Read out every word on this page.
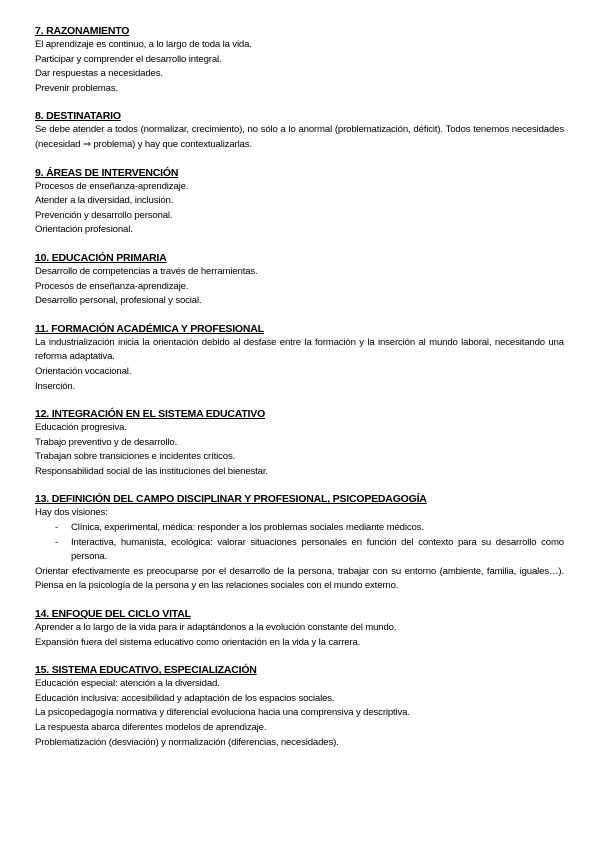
7. RAZONAMIENTO
El aprendizaje es continuo, a lo largo de toda la vida.
Participar y comprender el desarrollo integral.
Dar respuestas a necesidades.
Prevenir problemas.
8. DESTINATARIO
Se debe atender a todos (normalizar, crecimiento), no sólo a lo anormal (problematización, déficit). Todos tenemos necesidades (necesidad ⇒ problema) y hay que contextualizarlas.
9. ÁREAS DE INTERVENCIÓN
Procesos de enseñanza-aprendizaje.
Atender a la diversidad, inclusión.
Prevención y desarrollo personal.
Orientación profesional.
10. EDUCACIÓN PRIMARIA
Desarrollo de competencias a través de herramientas.
Procesos de enseñanza-aprendizaje.
Desarrollo personal, profesional y social.
11. FORMACIÓN ACADÉMICA Y PROFESIONAL
La industrialización inicia la orientación debido al desfase entre la formación y la inserción al mundo laboral, necesitando una reforma adaptativa.
Orientación vocacional.
Inserción.
12. INTEGRACIÓN EN EL SISTEMA EDUCATIVO
Educación progresiva.
Trabajo preventivo y de desarrollo.
Trabajan sobre transiciones e incidentes críticos.
Responsabilidad social de las instituciones del bienestar.
13. DEFINICIÓN DEL CAMPO DISCIPLINAR Y PROFESIONAL, PSICOPEDAGOGÍA
Hay dos visiones:
- Clínica, experimental, médica: responder a los problemas sociales mediante médicos.
- Interactiva, humanista, ecológica: valorar situaciones personales en función del contexto para su desarrollo como persona.
Orientar efectivamente es preocuparse por el desarrollo de la persona, trabajar con su entorno (ambiente, familia, iguales…). Piensa en la psicología de la persona y en las relaciones sociales con el mundo externo.
14. ENFOQUE DEL CICLO VITAL
Aprender a lo largo de la vida para ir adaptándonos a la evolución constante del mundo.
Expansión fuera del sistema educativo como orientación en la vida y la carrera.
15. SISTEMA EDUCATIVO, ESPECIALIZACIÓN
Educación especial: atención a la diversidad.
Educación inclusiva: accesibilidad y adaptación de los espacios sociales.
La psicopedagogía normativa y diferencial evoluciona hacia una comprensiva y descriptiva.
La respuesta abarca diferentes modelos de aprendizaje.
Problematización (desviación) y normalización (diferencias, necesidades).
